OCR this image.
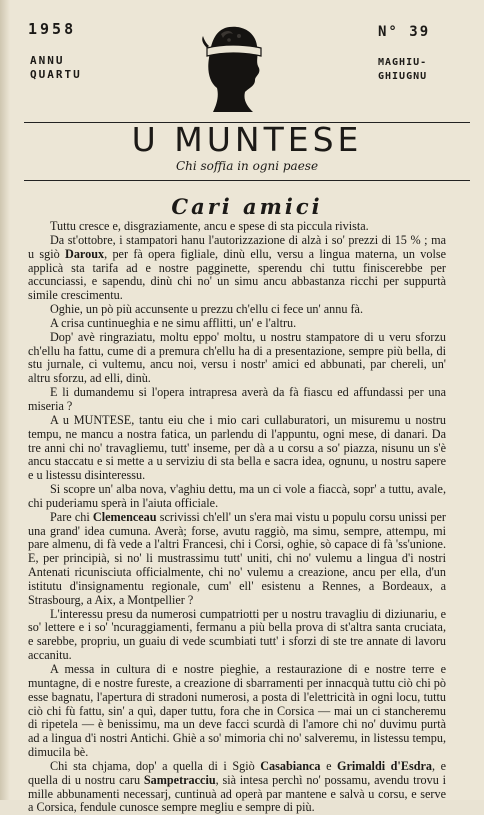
1958
ANNU
QUARTU
N° 39
MAGHIU-
GHIUGNU
U MUNTESE
Chi soffia in ogni paese
Cari amici

Tuttu cresce e, disgraziamente, ancu e spese di sta piccula rivista.

Da st'ottobre, i stampatori hanu l'autorizzazione di alzà i so' prezzi di 15 % ; ma u sgiò Daroux, per fà opera figliale, dinù ellu, versu a lingua materna, un volse applicà sta tarifa ad e nostre pagginette, sperendu chi tuttu finiscerebbe per accunciassi, e sapendu, dinù chi no' un simu ancu abbastanza ricchi per suppurtà simile crescimentu.

Oghie, un pò più accunsente u prezzu ch'ellu ci fece un' annu fà.

A crisa cuntinueghia e ne simu afflitti, un' e l'altru.

Dop' avè ringraziatu, moltu eppo' moltu, u nostru stampatore di u veru sforzu ch'ellu ha fattu, cume di a premura ch'ellu ha di a presentazione, sempre più bella, di stu jurnale, ci vultemu, ancu noi, versu i nostr' amici ed abbunati, par chereli, un' altru sforzu, ad elli, dinù.

E li dumandemu si l'opera intrapresa averà da fà fiascu ed affundassi per una miseria ?

A u MUNTESE, tantu eiu che i mio cari cullaburatori, un misuremu u nostru tempu, ne mancu a nostra fatica, un parlendu di l'appuntu, ogni mese, di danari. Da tre anni chi no' travagliemu, tutt' inseme, per dà a u corsu a so' piazza, nisunu un s'è ancu staccatu e si mette a u serviziu di sta bella e sacra idea, ognunu, u nostru sapere e u listessu disinteressu.

Si scopre un' alba nova, v'aghiu dettu, ma un ci vole a fiaccà, sopr' a tuttu, avale, chi puderiamu sperà in l'aiuta officiale.

Pare chi Clemenceau scrivissi ch'ell' un s'era mai vistu u populu corsu unissi per una grand' idea cumuna. Averà; forse, avutu raggiò, ma simu, sempre, attempu, mi pare almenu, di fà vede a l'altri Francesi, chi i Corsi, oghie, sò capace di fà 'ss'unione. E, per principià, si no' li mustrassimu tutt' uniti, chi no' vulemu a lingua d'i nostri Antenati ricunisciuta officialmente, chi no' vulemu a creazione, ancu per ella, d'un istitutu d'insignamentu regionale, cum' ell' esistenu a Rennes, a Bordeaux, a Strasbourg, a Aix, a Montpellier ?

L'interessu presu da numerosi cumpatriotti per u nostru travagliu di diziunariu, e so' lettere e i so' 'ncuraggiamenti, fermanu a più bella prova di st'altra santa cruciata, e sarebbe, propriu, un guaiu di vede scumbiati tutt' i sforzi di ste tre annate di lavoru accanitu.

A messa in cultura di e nostre pieghie, a restaurazione di e nostre terre e muntagne, di e nostre fureste, a creazione di sbarramenti per innacquà tuttu ciò chi pò esse bagnatu, l'apertura di stradoni numerosi, a posta di l'elettricità in ogni locu, tuttu ciò chi fù fattu, sin' a quì, daper tuttu, fora che in Corsica — mai un ci stancheremu di ripetela — è benissimu, ma un deve facci scurdà di l'amore chi no' duvimu purtà ad a lingua d'i nostri Antichi. Ghiè a so' mimoria chi no' salveremu, in listessu tempu, dimucila bè.

Chi sta chjama, dop' a quella di i Sgiò Casabianca e Grimaldi d'Esdra, e quella di u nostru caru Sampetracciu, sià intesa perchì no' possamu, avendu trovu i mille abbunamenti necessarj, cuntinuà ad operà par mantene e salvà u corsu, e serve a Corsica, fendule cunosce sempre megliu e sempre di più.
